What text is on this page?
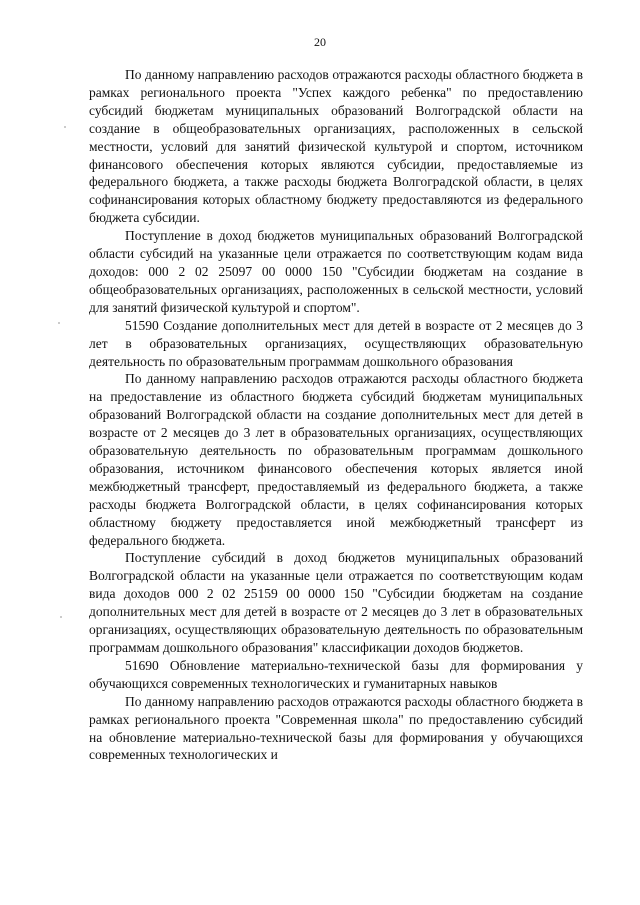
20

По данному направлению расходов отражаются расходы областного бюджета в рамках регионального проекта "Успех каждого ребенка" по предоставлению субсидий бюджетам муниципальных образований Волгоградской области на создание в общеобразовательных организациях, расположенных в сельской местности, условий для занятий физической культурой и спортом, источником финансового обеспечения которых являются субсидии, предоставляемые из федерального бюджета, а также расходы бюджета Волгоградской области, в целях софинансирования которых областному бюджету предоставляются из федерального бюджета субсидии.

Поступление в доход бюджетов муниципальных образований Волгоградской области субсидий на указанные цели отражается по соответствующим кодам вида доходов: 000 2 02 25097 00 0000 150 "Субсидии бюджетам на создание в общеобразовательных организациях, расположенных в сельской местности, условий для занятий физической культурой и спортом".

51590 Создание дополнительных мест для детей в возрасте от 2 месяцев до 3 лет в образовательных организациях, осуществляющих образовательную деятельность по образовательным программам дошкольного образования

По данному направлению расходов отражаются расходы областного бюджета на предоставление из областного бюджета субсидий бюджетам муниципальных образований Волгоградской области на создание дополнительных мест для детей в возрасте от 2 месяцев до 3 лет в образовательных организациях, осуществляющих образовательную деятельность по образовательным программам дошкольного образования, источником финансового обеспечения которых является иной межбюджетный трансферт, предоставляемый из федерального бюджета, а также расходы бюджета Волгоградской области, в целях софинансирования которых областному бюджету предоставляется иной межбюджетный трансферт из федерального бюджета.

Поступление субсидий в доход бюджетов муниципальных образований Волгоградской области на указанные цели отражается по соответствующим кодам вида доходов 000 2 02 25159 00 0000 150 "Субсидии бюджетам на создание дополнительных мест для детей в возрасте от 2 месяцев до 3 лет в образовательных организациях, осуществляющих образовательную деятельность по образовательным программам дошкольного образования" классификации доходов бюджетов.

51690 Обновление материально-технической базы для формирования у обучающихся современных технологических и гуманитарных навыков

По данному направлению расходов отражаются расходы областного бюджета в рамках регионального проекта "Современная школа" по предоставлению субсидий на обновление материально-технической базы для формирования у обучающихся современных технологических и
